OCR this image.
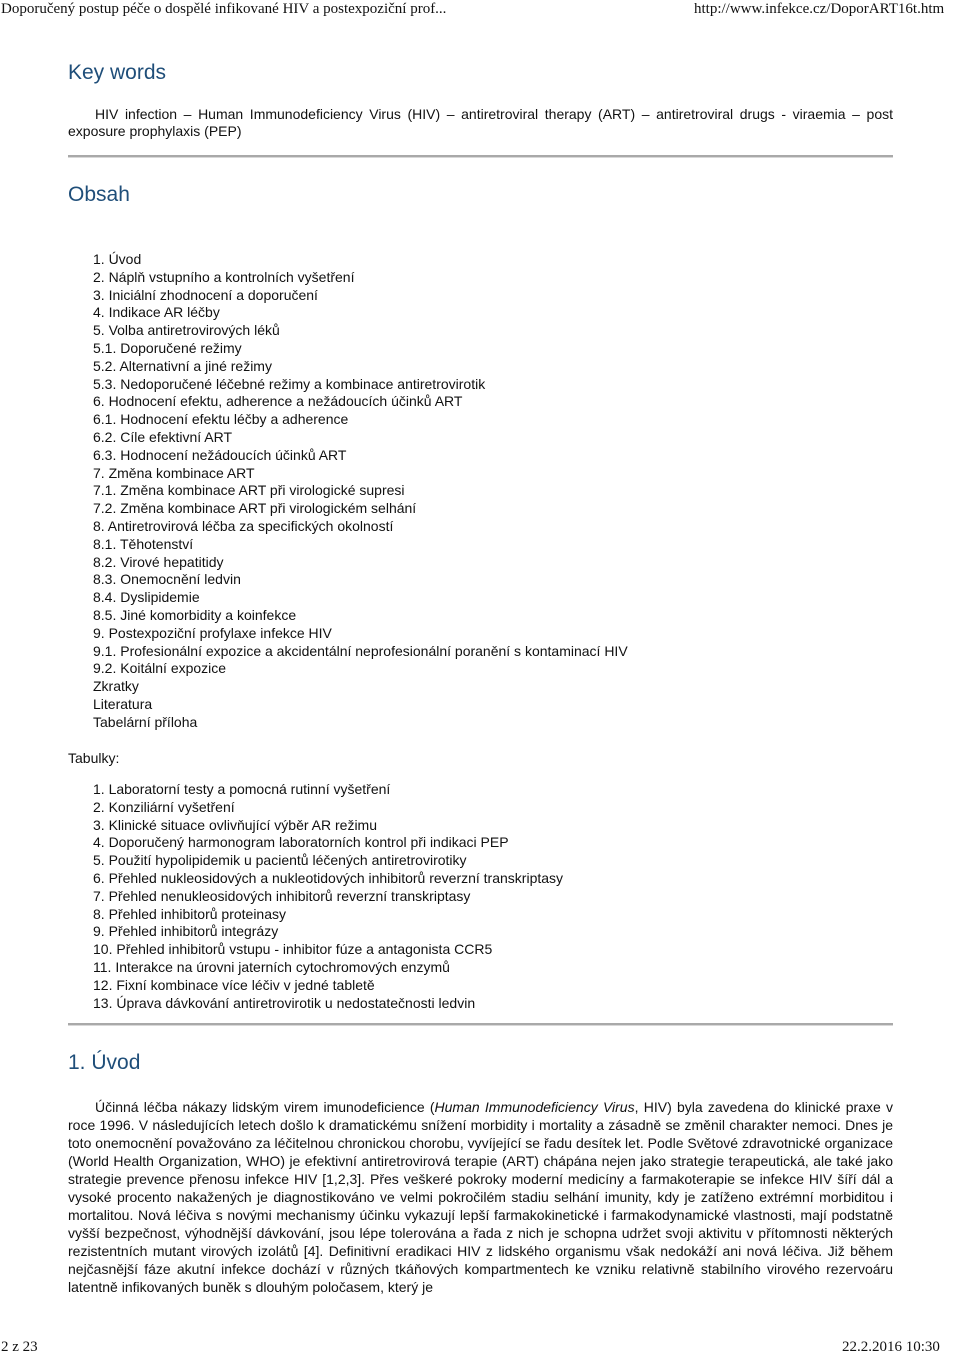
Doporučený postup péče o dospělé infikované HIV a postexpoziční prof...	http://www.infekce.cz/DoporART16t.htm
Key words

HIV infection – Human Immunodeficiency Virus (HIV) – antiretroviral therapy (ART) – antiretroviral drugs - viraemia – post exposure prophylaxis (PEP)

Obsah
1. Úvod
2. Náplň vstupního a kontrolních vyšetření
3. Iniciální zhodnocení a doporučení
4. Indikace AR léčby
5. Volba antiretrovirových léků
5.1. Doporučené režimy
5.2. Alternativní a jiné režimy
5.3. Nedoporučené léčebné režimy a kombinace antiretrovirotik
6. Hodnocení efektu, adherence a nežádoucích účinků ART
6.1. Hodnocení efektu léčby a adherence
6.2. Cíle efektivní ART
6.3. Hodnocení nežádoucích účinků ART
7. Změna kombinace ART
7.1. Změna kombinace ART při virologické supresi
7.2. Změna kombinace ART při virologickém selhání
8. Antiretrovirová léčba za specifických okolností
8.1. Těhotenství
8.2. Virové hepatitidy
8.3. Onemocnění ledvin
8.4. Dyslipidemie
8.5. Jiné komorbidity a koinfekce
9. Postexpoziční profylaxe infekce HIV
9.1. Profesionální expozice a akcidentální neprofesionální poranění s kontaminací HIV
9.2. Koitální expozice
Zkratky
Literatura
Tabelární příloha
Tabulky:
1. Laboratorní testy a pomocná rutinní vyšetření
2. Konziliární vyšetření
3. Klinické situace ovlivňující výběr AR režimu
4. Doporučený harmonogram laboratorních kontrol při indikaci PEP
5. Použití hypolipidemik u pacientů léčených antiretrovirotiky
6. Přehled nukleosidových a nukleotidových inhibitorů reverzní transkriptasy
7. Přehled nenukleosidových inhibitorů reverzní transkriptasy
8. Přehled inhibitorů proteinasy
9. Přehled inhibitorů integrázy
10. Přehled inhibitorů vstupu - inhibitor fúze a antagonista CCR5
11. Interakce na úrovni jaterních cytochromových enzymů
12. Fixní kombinace více léčiv v jedné tabletě
13. Úprava dávkování antiretrovirotik u nedostatečnosti ledvin
1. Úvod

Účinná léčba nákazy lidským virem imunodeficience (Human Immunodeficiency Virus, HIV) byla zavedena do klinické praxe v roce 1996. V následujících letech došlo k dramatickému snížení morbidity i mortality a zásadně se změnil charakter nemoci. Dnes je toto onemocnění považováno za léčitelnou chronickou chorobu, vyvíjející se řadu desítek let. Podle Světové zdravotnické organizace (World Health Organization, WHO) je efektivní antiretrovirová terapie (ART) chápána nejen jako strategie terapeutická, ale také jako strategie prevence přenosu infekce HIV [1,2,3]. Přes veškeré pokroky moderní medicíny a farmakoterapie se infekce HIV šíří dál a vysoké procento nakažených je diagnostikováno ve velmi pokročilém stadiu selhání imunity, kdy je zatíženo extrémní morbiditou i mortalitou. Nová léčiva s novými mechanismy účinku vykazují lepší farmakokinetické i farmakodynamické vlastnosti, mají podstatně vyšší bezpečnost, výhodnější dávkování, jsou lépe tolerována a řada z nich je schopna udržet svoji aktivitu v přítomnosti některých rezistentních mutant virových izolátů [4]. Definitivní eradikaci HIV z lidského organismu však nedokáží ani nová léčiva. Již během nejčasnější fáze akutní infekce dochází v různých tkáňových kompartmentech ke vzniku relativně stabilního virového rezervoáru latentně infikovaných buněk s dlouhým poločasem, který je

2 z 23	22.2.2016 10:30
